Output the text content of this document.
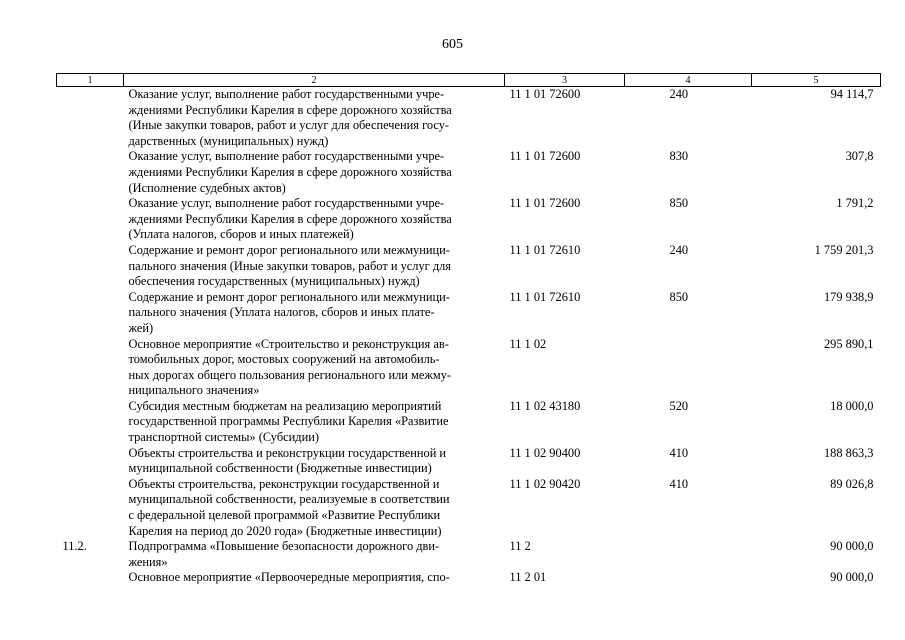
605
1	2	3	4	5

	Оказание услуг, выполнение работ государственными учре-
ждениями Республики Карелия в сфере дорожного хозяйства
(Иные закупки товаров, работ и услуг для обеспечения госу-
дарственных (муниципальных) нужд)	11 1 01 72600	240	94 114,7

	Оказание услуг, выполнение работ государственными учре-
ждениями Республики Карелия в сфере дорожного хозяйства
(Исполнение судебных актов)	11 1 01 72600	830	307,8

	Оказание услуг, выполнение работ государственными учре-
ждениями Республики Карелия в сфере дорожного хозяйства
(Уплата налогов, сборов и иных платежей)	11 1 01 72600	850	1 791,2

	Содержание и ремонт дорог регионального или межмуници-
пального значения (Иные закупки товаров, работ и услуг для
обеспечения государственных (муниципальных) нужд)	11 1 01 72610	240	1 759 201,3

	Содержание и ремонт дорог регионального или межмуници-
пального значения (Уплата налогов, сборов и иных плате-
жей)	11 1 01 72610	850	179 938,9

	Основное мероприятие «Строительство и реконструкция ав-
томобильных дорог, мостовых сооружений на автомобиль-
ных дорогах общего пользования регионального или межму-
ниципального значения»	11 1 02		295 890,1

	Субсидия местным бюджетам на реализацию мероприятий
государственной программы Республики Карелия «Развитие
транспортной системы» (Субсидии)	11 1 02 43180	520	18 000,0

	Объекты строительства и реконструкции государственной и
муниципальной собственности (Бюджетные инвестиции)	11 1 02 90400	410	188 863,3

	Объекты строительства, реконструкции государственной и
муниципальной собственности, реализуемые в соответствии
с федеральной целевой программой «Развитие Республики
Карелия на период до 2020 года» (Бюджетные инвестиции)	11 1 02 90420	410	89 026,8
11.2.	Подпрограмма «Повышение безопасности дорожного дви-
жения»	11 2		90 000,0

	Основное мероприятие «Первоочередные мероприятия, спо-	11 2 01		90 000,0
